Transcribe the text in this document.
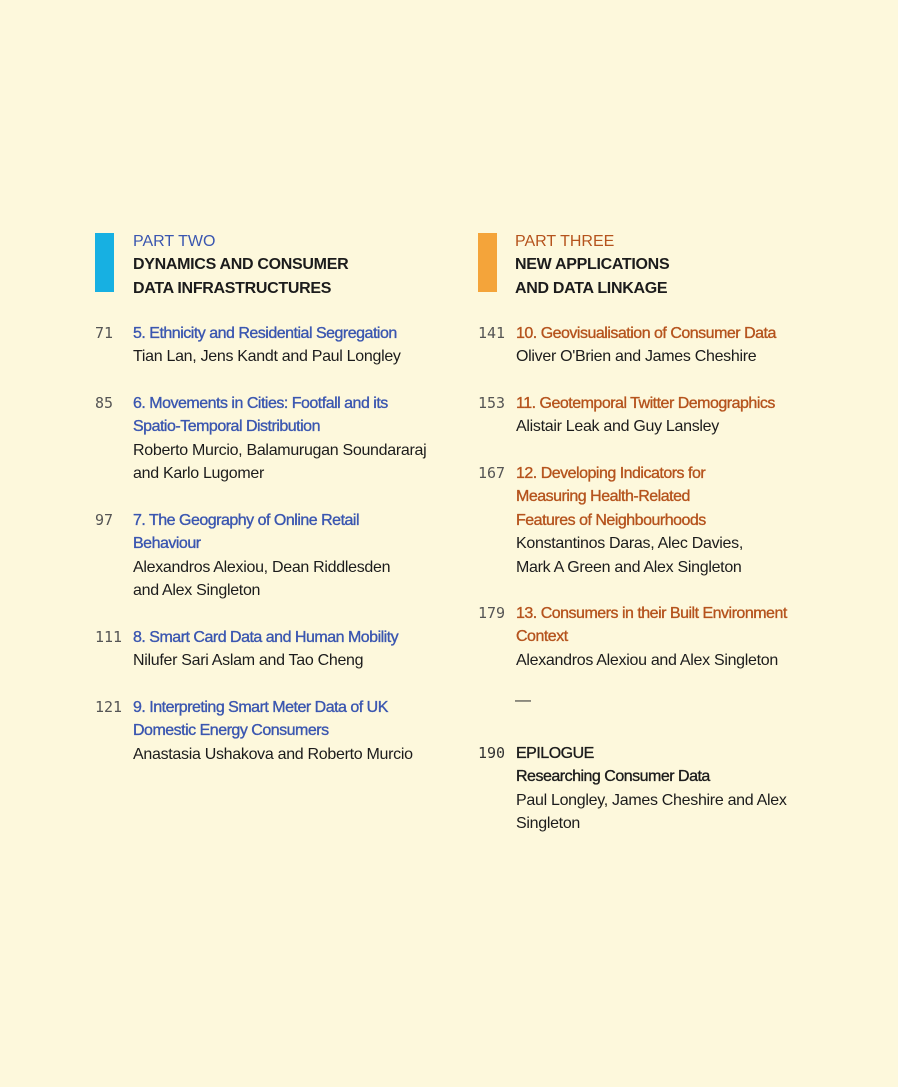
PART TWO
DYNAMICS AND CONSUMER
DATA INFRASTRUCTURES
PART THREE
NEW APPLICATIONS
AND DATA LINKAGE
71 5. Ethnicity and Residential Segregation
Tian Lan, Jens Kandt and Paul Longley
85 6. Movements in Cities: Footfall and its
Spatio-Temporal Distribution
Roberto Murcio, Balamurugan Soundararaj
and Karlo Lugomer
97 7. The Geography of Online Retail
Behaviour
Alexandros Alexiou, Dean Riddlesden
and Alex Singleton
111 8. Smart Card Data and Human Mobility
Nilufer Sari Aslam and Tao Cheng
121 9. Interpreting Smart Meter Data of UK
Domestic Energy Consumers
Anastasia Ushakova and Roberto Murcio
141 10. Geovisualisation of Consumer Data
Oliver O'Brien and James Cheshire
153 11. Geotemporal Twitter Demographics
Alistair Leak and Guy Lansley
167 12. Developing Indicators for
Measuring Health-Related
Features of Neighbourhoods
Konstantinos Daras, Alec Davies,
Mark A Green and Alex Singleton
179 13. Consumers in their Built Environment
Context
Alexandros Alexiou and Alex Singleton
—
190 EPILOGUE
Researching Consumer Data
Paul Longley, James Cheshire and Alex
Singleton
